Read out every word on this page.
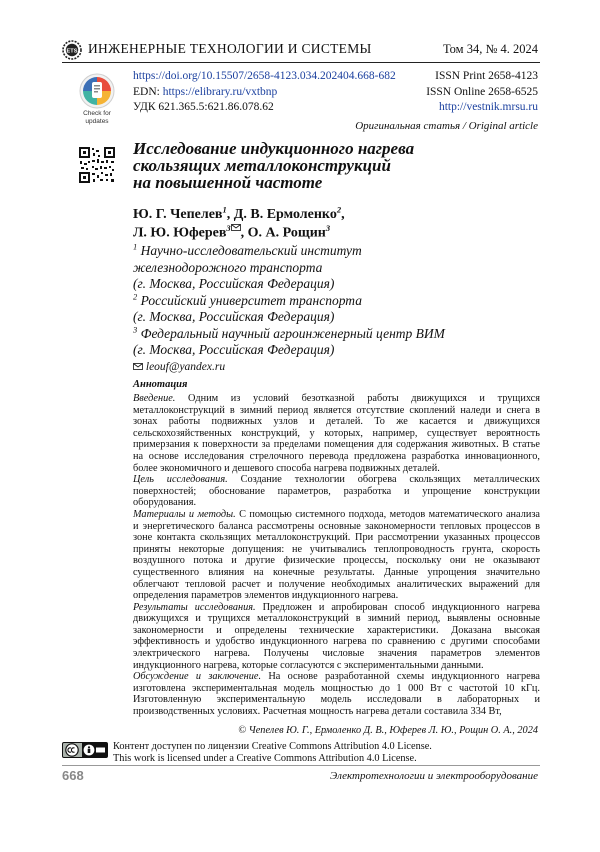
ETS ИНЖЕНЕРНЫЕ ТЕХНОЛОГИИ И СИСТЕМЫ	Том 34, № 4. 2024
Check for updates
https://doi.org/10.15507/2658-4123.034.202404.668-682
EDN: https://elibrary.ru/vxtbnp
УДК 621.365.5:621.86.078.62
ISSN Print 2658-4123
ISSN Online 2658-6525
http://vestnik.mrsu.ru
Оригинальная статья / Original article
Исследование индукционного нагрева
скользящих металлоконструкций
на повышенной частоте
Ю. Г. Чепелев$^1$, Д. В. Ермоленко$^2$,
Л. Ю. Юферев$^3$ , О. А. Рощин$^3$
$^1$ Научно-исследовательский институт
железнодорожного транспорта
(г. Москва, Российская Федерация)
$^2$ Российский университет транспорта
(г. Москва, Российская Федерация)
$^3$ Федеральный научный агроинженерный центр ВИМ
(г. Москва, Российская Федерация)
leouf@yandex.ru
Аннотация

Введение. Одним из условий безотказной работы движущихся и трущихся металлоконструкций в зимний период является отсутствие скоплений наледи и снега в зонах работы подвижных узлов и деталей. То же касается и движущихся сельскохозяйственных конструкций, у которых, например, существует вероятность примерзания к поверхности за пределами помещения для содержания животных. В статье на основе исследования стрелочного перевода предложена разработка инновационного, более экономичного и дешевого способа нагрева подвижных деталей.

Цель исследования. Создание технологии обогрева скользящих металлических поверхностей; обоснование параметров, разработка и упрощение конструкции оборудования.

Материалы и методы. С помощью системного подхода, методов математического анализа и энергетического баланса рассмотрены основные закономерности тепловых процессов в зоне контакта скользящих металлоконструкций. При рассмотрении указанных процессов приняты некоторые допущения: не учитывались теплопроводность грунта, скорость воздушного потока и другие физические процессы, поскольку они не оказывают существенного влияния на конечные результаты. Данные упрощения значительно облегчают тепловой расчет и получение необходимых аналитических выражений для определения параметров элементов индукционного нагрева.

Результаты исследования. Предложен и апробирован способ индукционного нагрева движущихся и трущихся металлоконструкций в зимний период, выявлены основные закономерности и определены технические характеристики. Доказана высокая эффективность и удобство индукционного нагрева по сравнению с другими способами электрического нагрева. Получены числовые значения параметров элементов индукционного нагрева, которые согласуются с экспериментальными данными.

Обсуждение и заключение. На основе разработанной схемы индукционного нагрева изготовлена экспериментальная модель мощностью до 1 000 Вт с частотой 10 кГц. Изготовленную экспериментальную модель исследовали в лабораторных и производственных условиях. Расчетная мощность нагрева детали составила 334 Вт,

© Чепелев Ю. Г., Ермоленко Д. В., Юферев Л. Ю., Рощин О. А., 2024
Контент доступен по лицензии Creative Commons Attribution 4.0 License.
This work is licensed under a Creative Commons Attribution 4.0 License.
668	Электротехнологии и электрооборудование
